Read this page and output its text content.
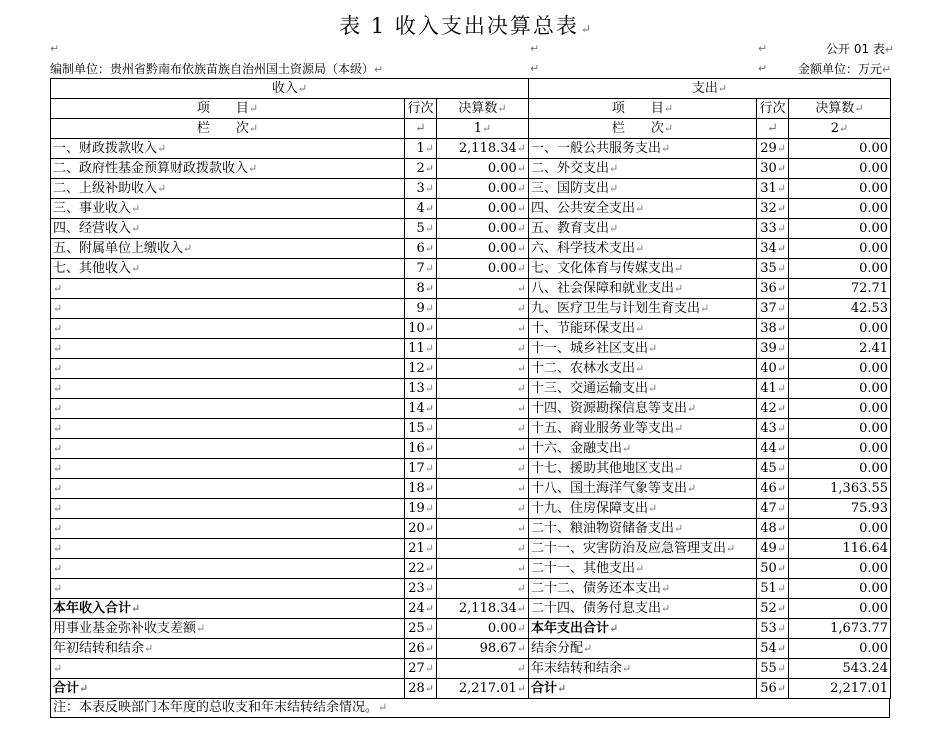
表 1 收入支出决算总表 ↵
↵	↵	↵	公开 01 表↵
编制单位：贵州省黔南布依族苗族自治州国土资源局（本级）↵	↵	↵	金额单位：万元↵
收入↵			支出↵		
项　　目↵	行次	决算数↵	项　　目↵	行次	决算数↵
栏　　次↵	↵	1↵	栏　　次↵	↵	2↵
一、财政拨款收入↵	1↵	2,118.34↵	一、一般公共服务支出↵	29↵	0.00
二、政府性基金预算财政拨款收入↵	2↵	0.00↵	二、外交支出↵	30↵	0.00
二、上级补助收入↵	3↵	0.00↵	三、国防支出↵	31↵	0.00
三、事业收入↵	4↵	0.00↵	四、公共安全支出↵	32↵	0.00
四、经营收入↵	5↵	0.00↵	五、教育支出↵	33↵	0.00
五、附属单位上缴收入↵	6↵	0.00↵	六、科学技术支出↵	34↵	0.00
七、其他收入↵	7↵	0.00↵	七、文化体育与传媒支出↵	35↵	0.00
↵	8↵	↵	八、社会保障和就业支出↵	36↵	72.71
↵	9↵	↵	九、医疗卫生与计划生育支出↵	37↵	42.53
↵	10↵	↵	十、节能环保支出↵	38↵	0.00
↵	11↵	↵	十一、城乡社区支出↵	39↵	2.41
↵	12↵	↵	十二、农林水支出↵	40↵	0.00
↵	13↵	↵	十三、交通运输支出↵	41↵	0.00
↵	14↵	↵	十四、资源勘探信息等支出↵	42↵	0.00
↵	15↵	↵	十五、商业服务业等支出↵	43↵	0.00
↵	16↵	↵	十六、金融支出↵	44↵	0.00
↵	17↵	↵	十七、援助其他地区支出↵	45↵	0.00
↵	18↵	↵	十八、国土海洋气象等支出↵	46↵	1,363.55
↵	19↵	↵	十九、住房保障支出↵	47↵	75.93
↵	20↵	↵	二十、粮油物资储备支出↵	48↵	0.00
↵	21↵	↵	二十一、灾害防治及应急管理支出↵	49↵	116.64
↵	22↵	↵	二十一、其他支出↵	50↵	0.00
↵	23↵	↵	二十二、债务还本支出↵	51↵	0.00
本年收入合计↵	24↵	2,118.34↵	二十四、债务付息支出↵	52↵	0.00
用事业基金弥补收支差额↵	25↵	0.00↵	本年支出合计↵	53↵	1,673.77
年初结转和结余↵	26↵	98.67↵	结余分配↵	54↵	0.00
↵	27↵	↵	年末结转和结余↵	55↵	543.24
合计↵	28↵	2,217.01↵	合计↵	56↵	2,217.01
注：本表反映部门本年度的总收支和年末结转结余情况。↵
